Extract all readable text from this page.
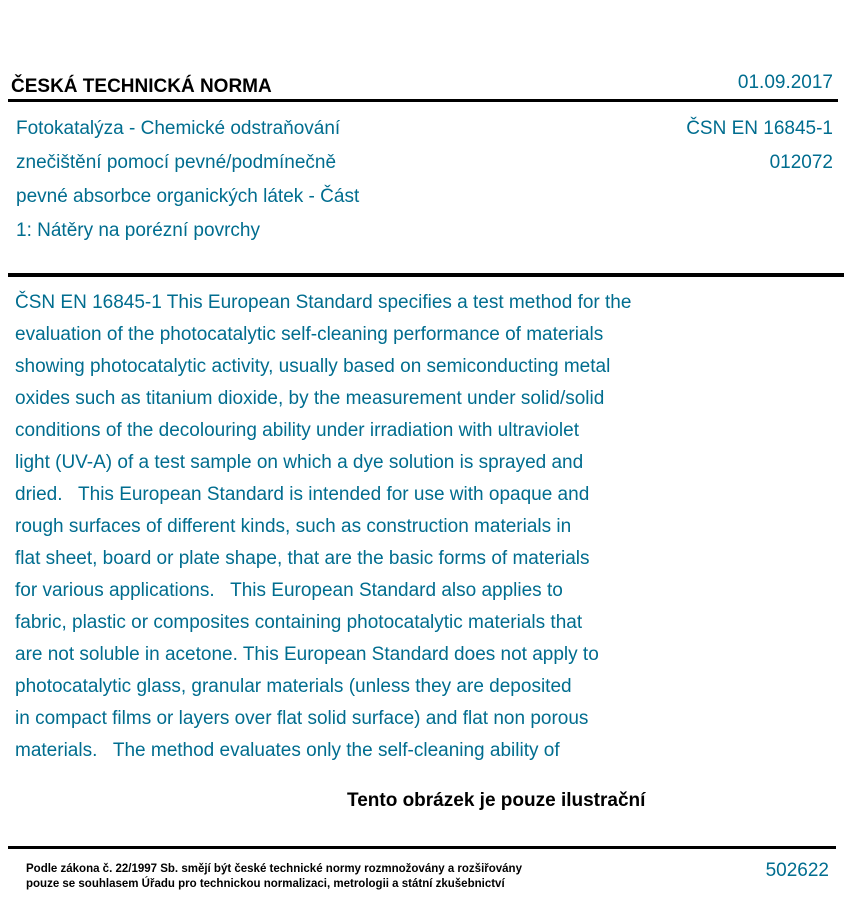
ČESKÁ TECHNICKÁ NORMA	01.09.2017
Fotokatalýza - Chemické odstraňování
znečištění pomocí pevné/podmínečně
pevné absorbce organických látek - Část
1: Nátěry na porézní povrchy
ČSN EN 16845-1
012072
ČSN EN 16845-1 This European Standard specifies a test method for the
evaluation of the photocatalytic self-cleaning performance of materials
showing photocatalytic activity, usually based on semiconducting metal
oxides such as titanium dioxide, by the measurement under solid/solid
conditions of the decolouring ability under irradiation with ultraviolet
light (UV-A) of a test sample on which a dye solution is sprayed and
dried.   This European Standard is intended for use with opaque and
rough surfaces of different kinds, such as construction materials in
flat sheet, board or plate shape, that are the basic forms of materials
for various applications.   This European Standard also applies to
fabric, plastic or composites containing photocatalytic materials that
are not soluble in acetone. This European Standard does not apply to
photocatalytic glass, granular materials (unless they are deposited
in compact films or layers over flat solid surface) and flat non porous
materials.   The method evaluates only the self-cleaning ability of
Tento obrázek je pouze ilustrační
Podle zákona č. 22/1997 Sb. smějí být české technické normy rozmnožovány a rozšiřovány
pouze se souhlasem Úřadu pro technickou normalizaci, metrologii a státní zkušebnictví
502622
